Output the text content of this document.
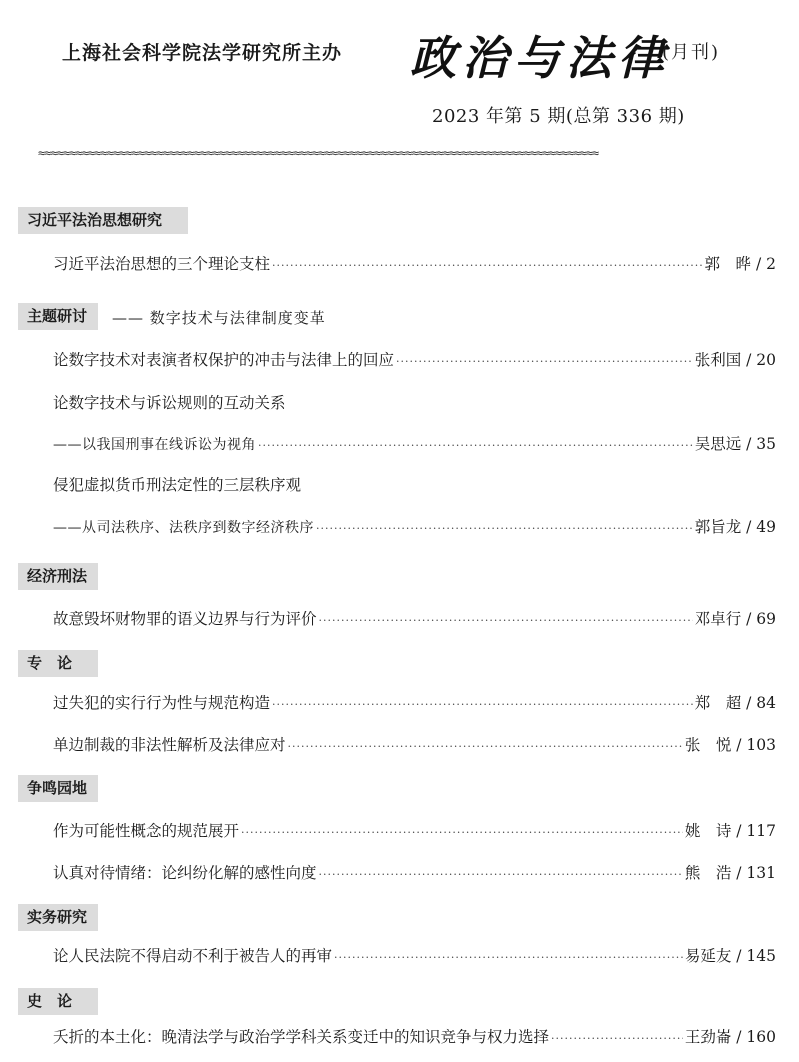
上海社会科学院法学研究所主办 政治与法律
(月刊)
2023 年第 5 期(总第 336 期)
≈≈≈≈≈≈≈≈≈≈≈≈≈≈≈≈≈≈≈≈≈≈≈≈≈≈≈≈≈≈≈≈≈≈≈≈≈≈≈≈≈≈≈≈≈≈≈≈≈≈≈≈≈≈≈≈≈≈≈≈≈≈≈≈≈≈≈≈≈≈≈≈≈≈≈≈≈≈≈≈≈≈≈≈≈≈≈≈≈≈
习近平法治思想研究
习近平法治思想的三个理论支柱 ·····	郭　晔 / 2
主题研讨	—— 数字技术与法律制度变革
论数字技术对表演者权保护的冲击与法律上的回应 ·····	张利国 / 20
论数字技术与诉讼规则的互动关系
——以我国刑事在线诉讼为视角 ·····	吴思远 / 35
侵犯虚拟货币刑法定性的三层秩序观
——从司法秩序、法秩序到数字经济秩序 ·····	郭旨龙 / 49
经济刑法
故意毁坏财物罪的语义边界与行为评价 ·····	邓卓行 / 69
专　论
过失犯的实行行为性与规范构造 ·····	郑　超 / 84
单边制裁的非法性解析及法律应对 ·····	张　悦 / 103
争鸣园地
作为可能性概念的规范展开 ·····	姚　诗 / 117
认真对待情绪：论纠纷化解的感性向度 ·····	熊　浩 / 131
实务研究
论人民法院不得启动不利于被告人的再审 ·····	易延友 / 145
史　论
夭折的本土化：晚清法学与政治学学科关系变迁中的知识竞争与权力选择 ·····	王劲崙 / 160
